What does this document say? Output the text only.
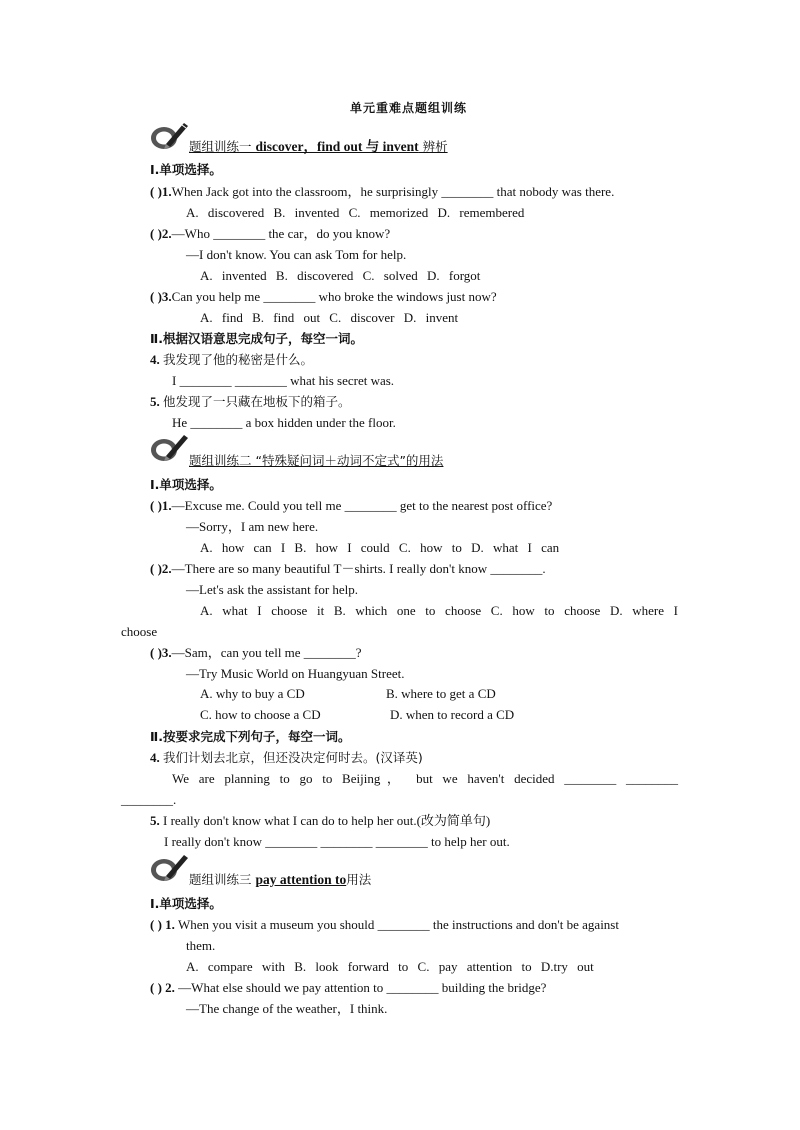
单元重难点题组训练
题组训练一 discover，find out 与 invent 辨析
Ⅰ.单项选择。
( )1.When Jack got into the classroom，he surprisingly ________ that nobody was there.
A. discovered B. invented C. memorized D. remembered
( )2.—Who ________ the car，do you know?
—I don't know. You can ask Tom for help.
A. invented B. discovered C. solved D. forgot
( )3.Can you help me ________ who broke the windows just now?
A. find B. find out C. discover D. invent
Ⅱ.根据汉语意思完成句子，每空一词。
4. 我发现了他的秘密是什么。
I ________ ________ what his secret was.
5. 他发现了一只藏在地板下的箱子。
He ________ a box hidden under the floor.
题组训练二 “特殊疑问词＋动词不定式”的用法
Ⅰ.单项选择。
( )1.—Excuse me. Could you tell me ________ get to the nearest post office?
—Sorry，I am new here.
A. how can I B. how I could C. how to D. what I can
( )2.—There are so many beautiful T－shirts. I really don't know ________.
—Let's ask the assistant for help.
A. what I choose it B. which one to choose C. how to choose D. where I
choose
( )3.—Sam，can you tell me ________?
—Try Music World on Huangyuan Street.
A. why to buy a CD	B. where to get a CD
C. how to choose a CD	D. when to record a CD
Ⅱ.按要求完成下列句子，每空一词。
4. 我们计划去北京，但还没决定何时去。(汉译英)
We are planning to go to Beijing， but we haven't decided ________ ________
________.
5. I really don't know what I can do to help her out.(改为简单句)
I really don't know ________ ________ ________ to help her out.
题组训练三 pay attention to用法
Ⅰ.单项选择。
( ) 1. When you visit a museum you should ________ the instructions and don't be against
them.
A. compare with B. look forward to C. pay attention to D.try out
( ) 2. —What else should we pay attention to ________ building the bridge?
—The change of the weather，I think.
